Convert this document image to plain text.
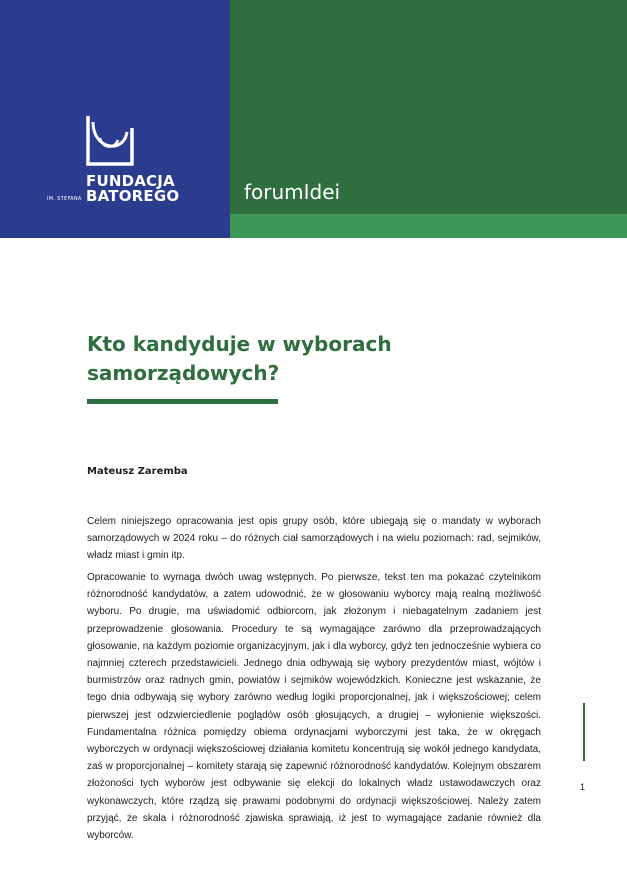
FUNDACJA
BATOREGO
IM. STEFANA	forumIdei
Kto kandyduje w wyborach samorządowych?

Mateusz Zaremba

Celem niniejszego opracowania jest opis grupy osób, które ubiegają się o mandaty w wyborach samorządowych w 2024 roku – do różnych ciał samorządowych i na wielu poziomach: rad, sejmików, władz miast i gmin itp.

Opracowanie to wymaga dwóch uwag wstępnych. Po pierwsze, tekst ten ma pokazać czytelnikom różnorodność kandydatów, a zatem udowodnić, że w głosowaniu wyborcy mają realną możliwość wyboru. Po drugie, ma uświadomić odbiorcom, jak złożonym i niebagatelnym zadaniem jest przeprowadzenie głosowania. Procedury te są wymagające zarówno dla przeprowadzających głosowanie, na każdym poziomie organizacyjnym, jak i dla wyborcy, gdyż ten jednocześnie wybiera co najmniej czterech przedstawicieli. Jednego dnia odbywają się wybory prezydentów miast, wójtów i burmistrzów oraz radnych gmin, powiatów i sejmików wojewódzkich. Konieczne jest wskazanie, że tego dnia odbywają się wybory zarówno według logiki proporcjonalnej, jak i większościowej; celem pierwszej jest odzwierciedlenie poglądów osób głosujących, a drugiej – wyłonienie większości. Fundamentalna różnica pomiędzy obiema ordynacjami wyborczymi jest taka, że w okręgach wyborczych w ordynacji większościowej działania komitetu koncentrują się wokół jednego kandydata, zaś w proporcjonalnej – komitety starają się zapewnić różnorodność kandydatów. Kolejnym obszarem złożoności tych wyborów jest odbywanie się elekcji do lokalnych władz ustawodawczych oraz wykonawczych, które rządzą się prawami podobnymi do ordynacji większościowej. Należy zatem przyjąć, że skala i różnorodność zjawiska sprawiają, iż jest to wymagające zadanie również dla wyborców.

1
